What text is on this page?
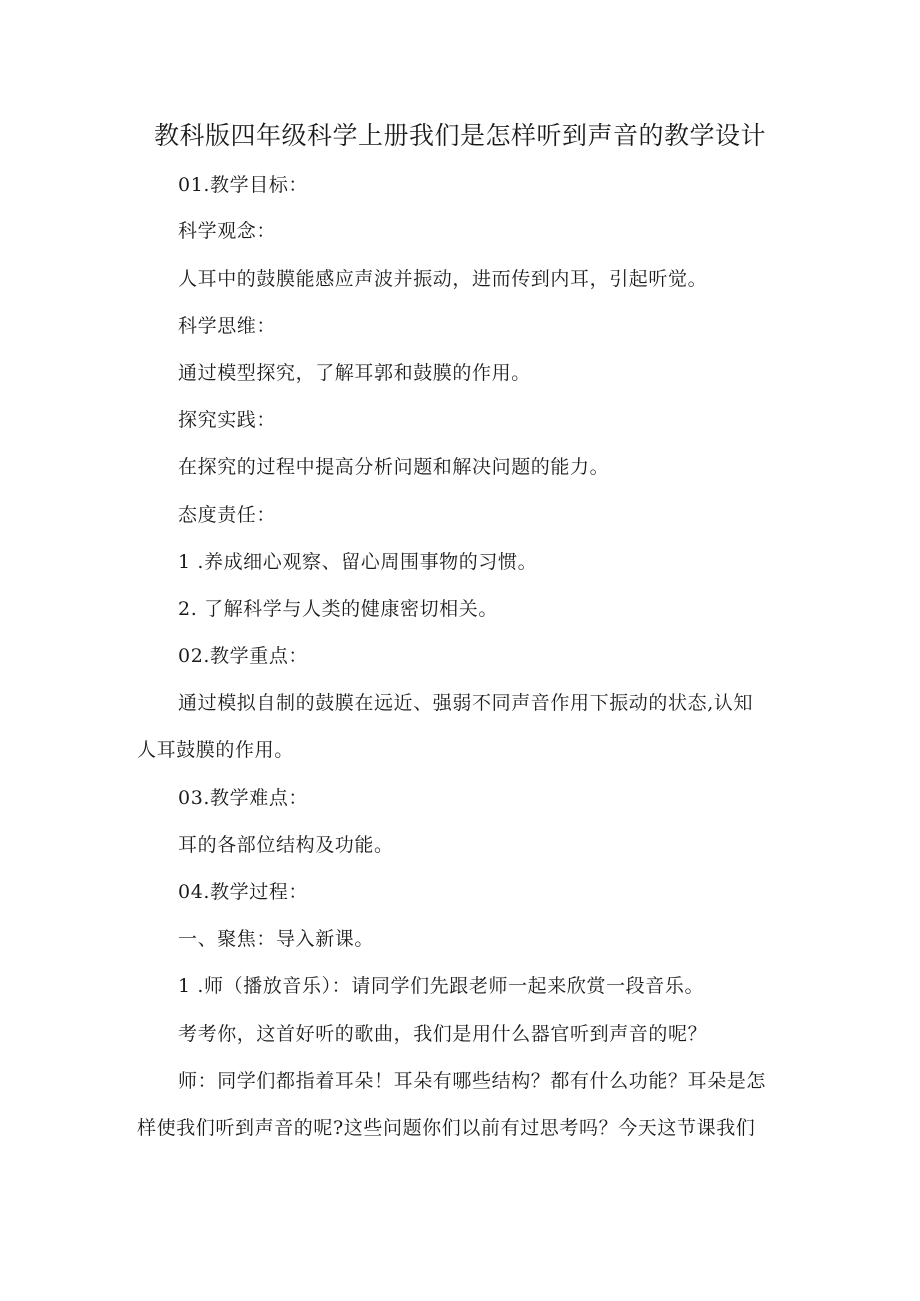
教科版四年级科学上册我们是怎样听到声音的教学设计
01.教学目标：
科学观念：
人耳中的鼓膜能感应声波并振动，进而传到内耳，引起听觉。
科学思维：
通过模型探究，了解耳郭和鼓膜的作用。
探究实践：
在探究的过程中提高分析问题和解决问题的能力。
态度责任：
1 .养成细心观察、留心周围事物的习惯。
2. 了解科学与人类的健康密切相关。
02.教学重点：
通过模拟自制的鼓膜在远近、强弱不同声音作用下振动的状态,认知
人耳鼓膜的作用。
03.教学难点：
耳的各部位结构及功能。
04.教学过程：
一、聚焦：导入新课。
1 .师（播放音乐）：请同学们先跟老师一起来欣赏一段音乐。
考考你，这首好听的歌曲，我们是用什么器官听到声音的呢？
师：同学们都指着耳朵！耳朵有哪些结构？都有什么功能？耳朵是怎
样使我们听到声音的呢?这些问题你们以前有过思考吗？今天这节课我们
